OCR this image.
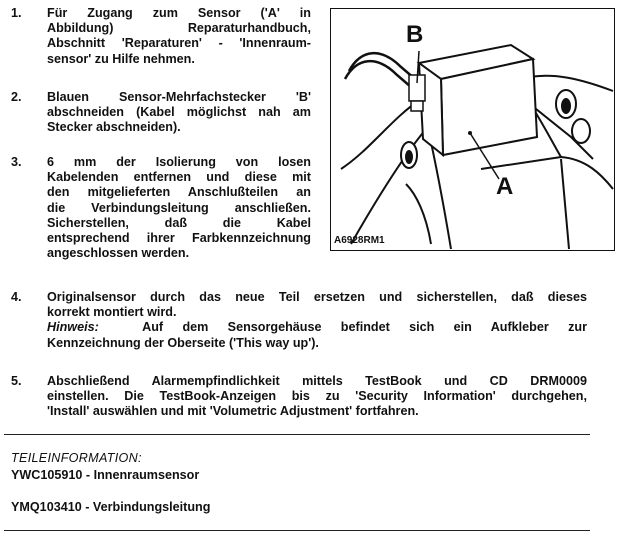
1.	Für Zugang zum Sensor ('A' in
Abbildung) Reparaturhandbuch,
Abschnitt 'Reparaturen' - 'Innenraum-
sensor' zu Hilfe nehmen.
2.	Blauen Sensor-Mehrfachstecker 'B'
abschneiden (Kabel möglichst nah am
Stecker abschneiden).
3.	6 mm der Isolierung von losen
Kabelenden entfernen und diese mit
den mitgelieferten Anschlußteilen an
die Verbindungsleitung anschließen.
Sicherstellen, daß die Kabel
entsprechend ihrer Farbkennzeichnung
angeschlossen werden.
B
A
A6928RM1
4.	Originalsensor durch das neue Teil ersetzen und sicherstellen, daß dieses
korrekt montiert wird.
Hinweis:	Auf dem Sensorgehäuse befindet sich ein Aufkleber zur
Kennzeichnung der Oberseite ('This way up').
5.	Abschließend Alarmempfindlichkeit mittels TestBook und CD DRM0009
einstellen. Die TestBook-Anzeigen bis zu 'Security Information' durchgehen,
'Install' auswählen und mit 'Volumetric Adjustment' fortfahren.
TEILEINFORMATION:
YWC105910 - Innenraumsensor
YMQ103410 - Verbindungsleitung
